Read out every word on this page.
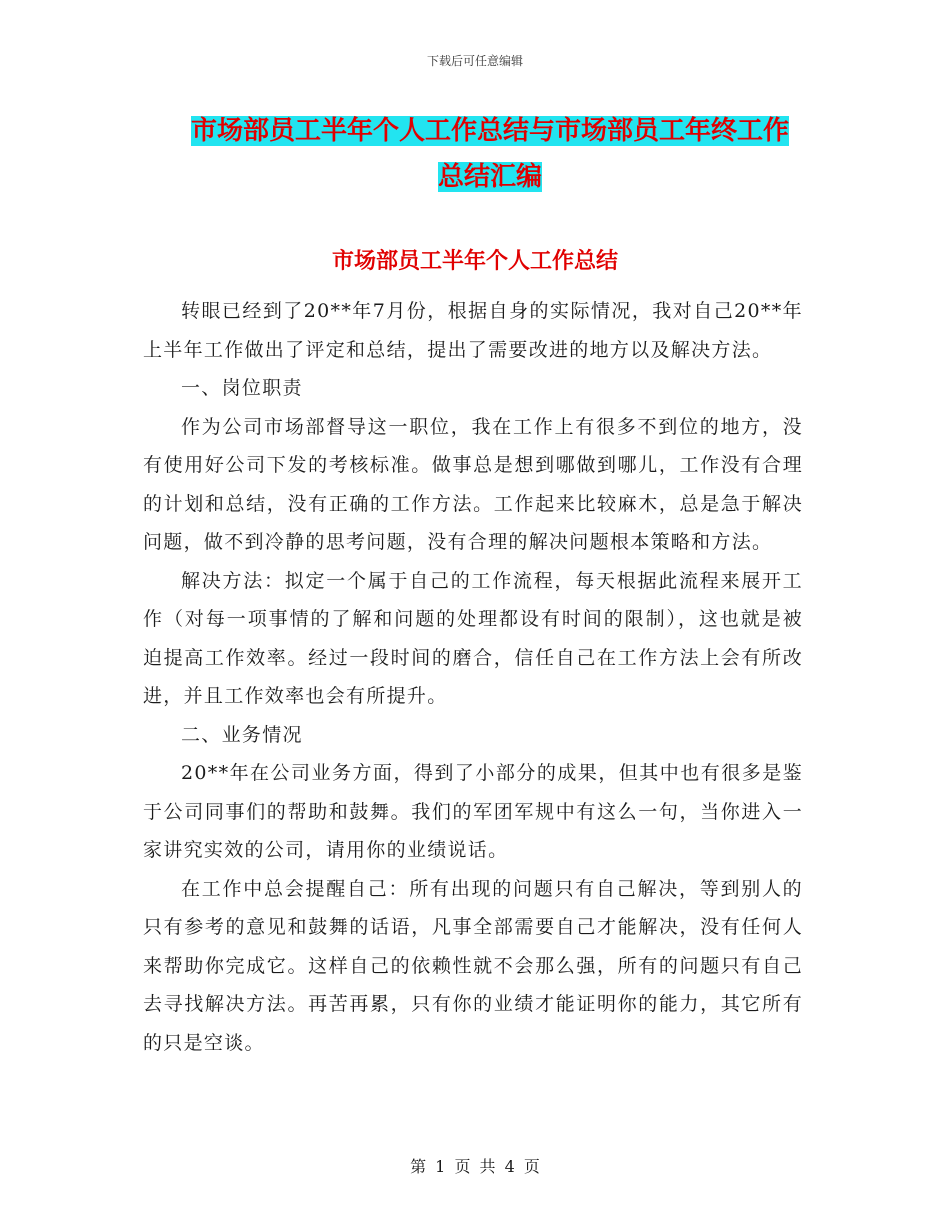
下载后可任意编辑
市场部员工半年个人工作总结与市场部员工年终工作
总结汇编
市场部员工半年个人工作总结

转眼已经到了20**年7月份，根据自身的实际情况，我对自己20**年上半年工作做出了评定和总结，提出了需要改进的地方以及解决方法。

一、岗位职责

作为公司市场部督导这一职位，我在工作上有很多不到位的地方，没有使用好公司下发的考核标准。做事总是想到哪做到哪儿，工作没有合理的计划和总结，没有正确的工作方法。工作起来比较麻木，总是急于解决问题，做不到冷静的思考问题，没有合理的解决问题根本策略和方法。

解决方法：拟定一个属于自己的工作流程，每天根据此流程来展开工作（对每一项事情的了解和问题的处理都设有时间的限制），这也就是被迫提高工作效率。经过一段时间的磨合，信任自己在工作方法上会有所改进，并且工作效率也会有所提升。

二、业务情况

20**年在公司业务方面，得到了小部分的成果，但其中也有很多是鉴于公司同事们的帮助和鼓舞。我们的军团军规中有这么一句，当你进入一家讲究实效的公司，请用你的业绩说话。

在工作中总会提醒自己：所有出现的问题只有自己解决，等到别人的只有参考的意见和鼓舞的话语，凡事全部需要自己才能解决，没有任何人来帮助你完成它。这样自己的依赖性就不会那么强，所有的问题只有自己去寻找解决方法。再苦再累，只有你的业绩才能证明你的能力，其它所有的只是空谈。

第 1 页 共 4 页
